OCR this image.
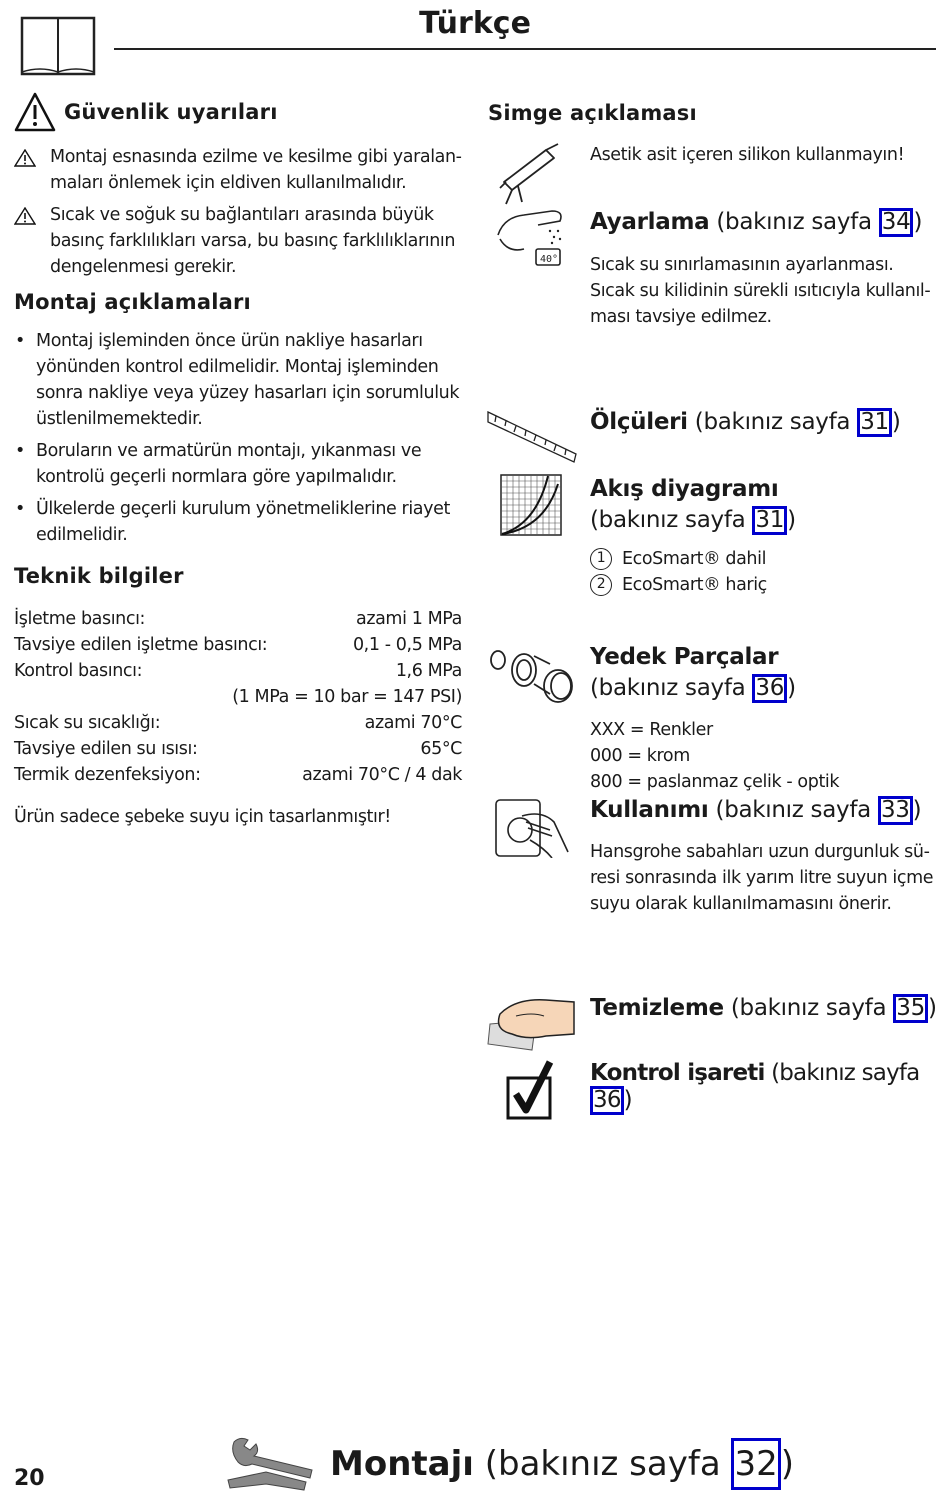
Türkçe
Güvenlik uyarıları
Montaj esnasında ezilme ve kesilme gibi yaralan-
maları önlemek için eldiven kullanılmalıdır.
Sıcak ve soğuk su bağlantıları arasında büyük
basınç farklılıkları varsa, bu basınç farklılıklarının
dengelenmesi gerekir.
Montaj açıklamaları
• Montaj işleminden önce ürün nakliye hasarları
yönünden kontrol edilmelidir. Montaj işleminden
sonra nakliye veya yüzey hasarları için sorumluluk
üstlenilmemektedir.
• Boruların ve armatürün montajı, yıkanması ve
kontrolü geçerli normlara göre yapılmalıdır.
• Ülkelerde geçerli kurulum yönetmeliklerine riayet
edilmelidir.
Teknik bilgiler
İşletme basıncı:	azami 1 MPa
Tavsiye edilen işletme basıncı:	0,1 - 0,5 MPa
Kontrol basıncı:	1,6 MPa
(1 MPa = 10 bar = 147 PSI)
Sıcak su sıcaklığı:	azami 70°C
Tavsiye edilen su ısısı:	65°C
Termik dezenfeksiyon:	azami 70°C / 4 dak
Ürün sadece şebeke suyu için tasarlanmıştır!
Simge açıklaması
Asetik asit içeren silikon kullanmayın!
40°
Ayarlama (bakınız sayfa 34 )
Sıcak su sınırlamasının ayarlanması.
Sıcak su kilidinin sürekli ısıtıcıyla kullanıl-
ması tavsiye edilmez.
Ölçüleri (bakınız sayfa 31 )
Akış diyagramı
(bakınız sayfa 31 )
1 EcoSmart® dahil
2 EcoSmart® hariç
Yedek Parçalar
(bakınız sayfa 36 )
XXX = Renkler
000 = krom
800 = paslanmaz çelik - optik
Kullanımı (bakınız sayfa 33 )
Hansgrohe sabahları uzun durgunluk sü-
resi sonrasında ilk yarım litre suyun içme
suyu olarak kullanılmamasını önerir.
Temizleme (bakınız sayfa 35 )
Kontrol işareti (bakınız sayfa 36 )
20	Montajı (bakınız sayfa 32)
